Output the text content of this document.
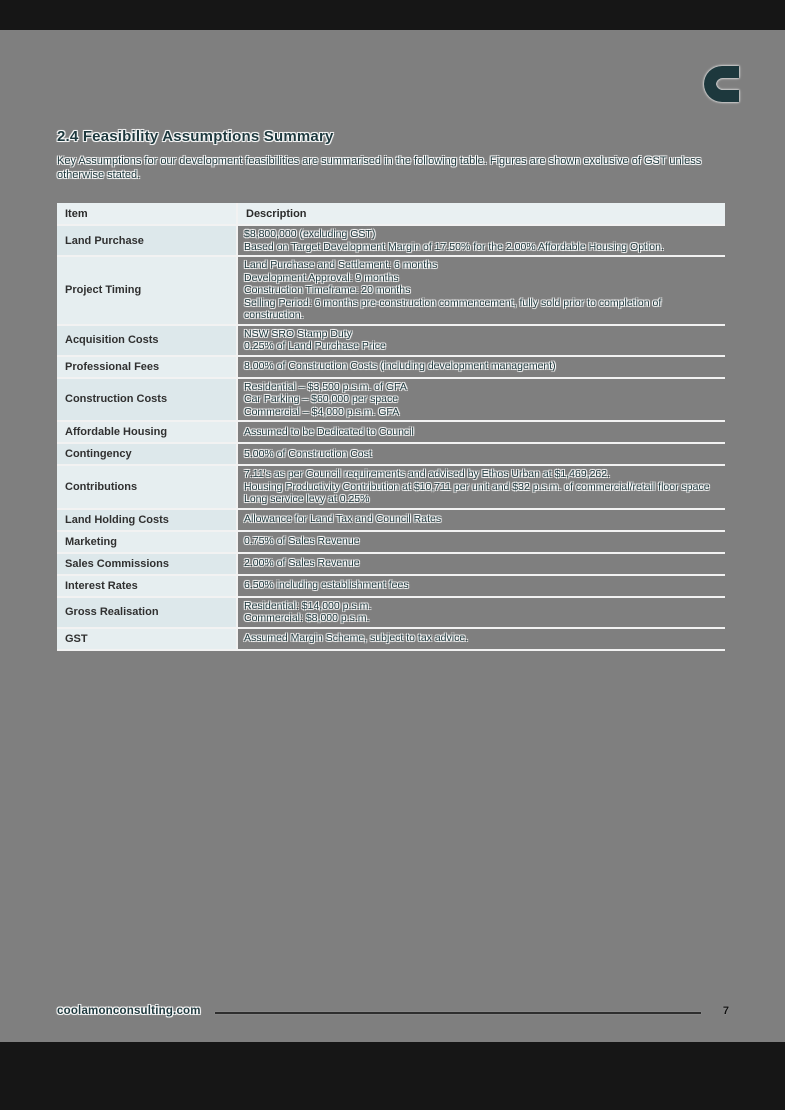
2.4 Feasibility Assumptions Summary
Key Assumptions for our development feasibilities are summarised in the following table. Figures are shown exclusive of GST unless otherwise stated.
Item	Description
Land Purchase	$8,800,000 (excluding GST)
Based on Target Development Margin of 17.50% for the 2.00% Affordable Housing Option.

Project Timing	Land Purchase and Settlement: 6 months
Development Approval: 9 months
Construction Timeframe: 20 months
Selling Period: 6 months pre-construction commencement, fully sold prior to completion of construction.

Acquisition Costs	NSW SRO Stamp Duty
0.25% of Land Purchase Price

Professional Fees	8.00% of Construction Costs (including development management)

Construction Costs	Residential – $3,500 p.s.m. of GFA
Car Parking – $60,000 per space
Commercial – $4,000 p.s.m. GFA

Affordable Housing	Assumed to be Dedicated to Council

Contingency	5.00% of Construction Cost

Contributions	7.11's as per Council requirements and advised by Ethos Urban at $1,469,262.
Housing Productivity Contribution at $10,711 per unit and $32 p.s.m. of commercial/retail floor space
Long service levy at 0.25%

Land Holding Costs	Allowance for Land Tax and Council Rates

Marketing	0.75% of Sales Revenue

Sales Commissions	2.00% of Sales Revenue

Interest Rates	6.50% including establishment fees

Gross Realisation	Residential: $14,000 p.s.m.
Commercial: $8,000 p.s.m.

GST	Assumed Margin Scheme, subject to tax advice.
coolamonconsulting.com	7
